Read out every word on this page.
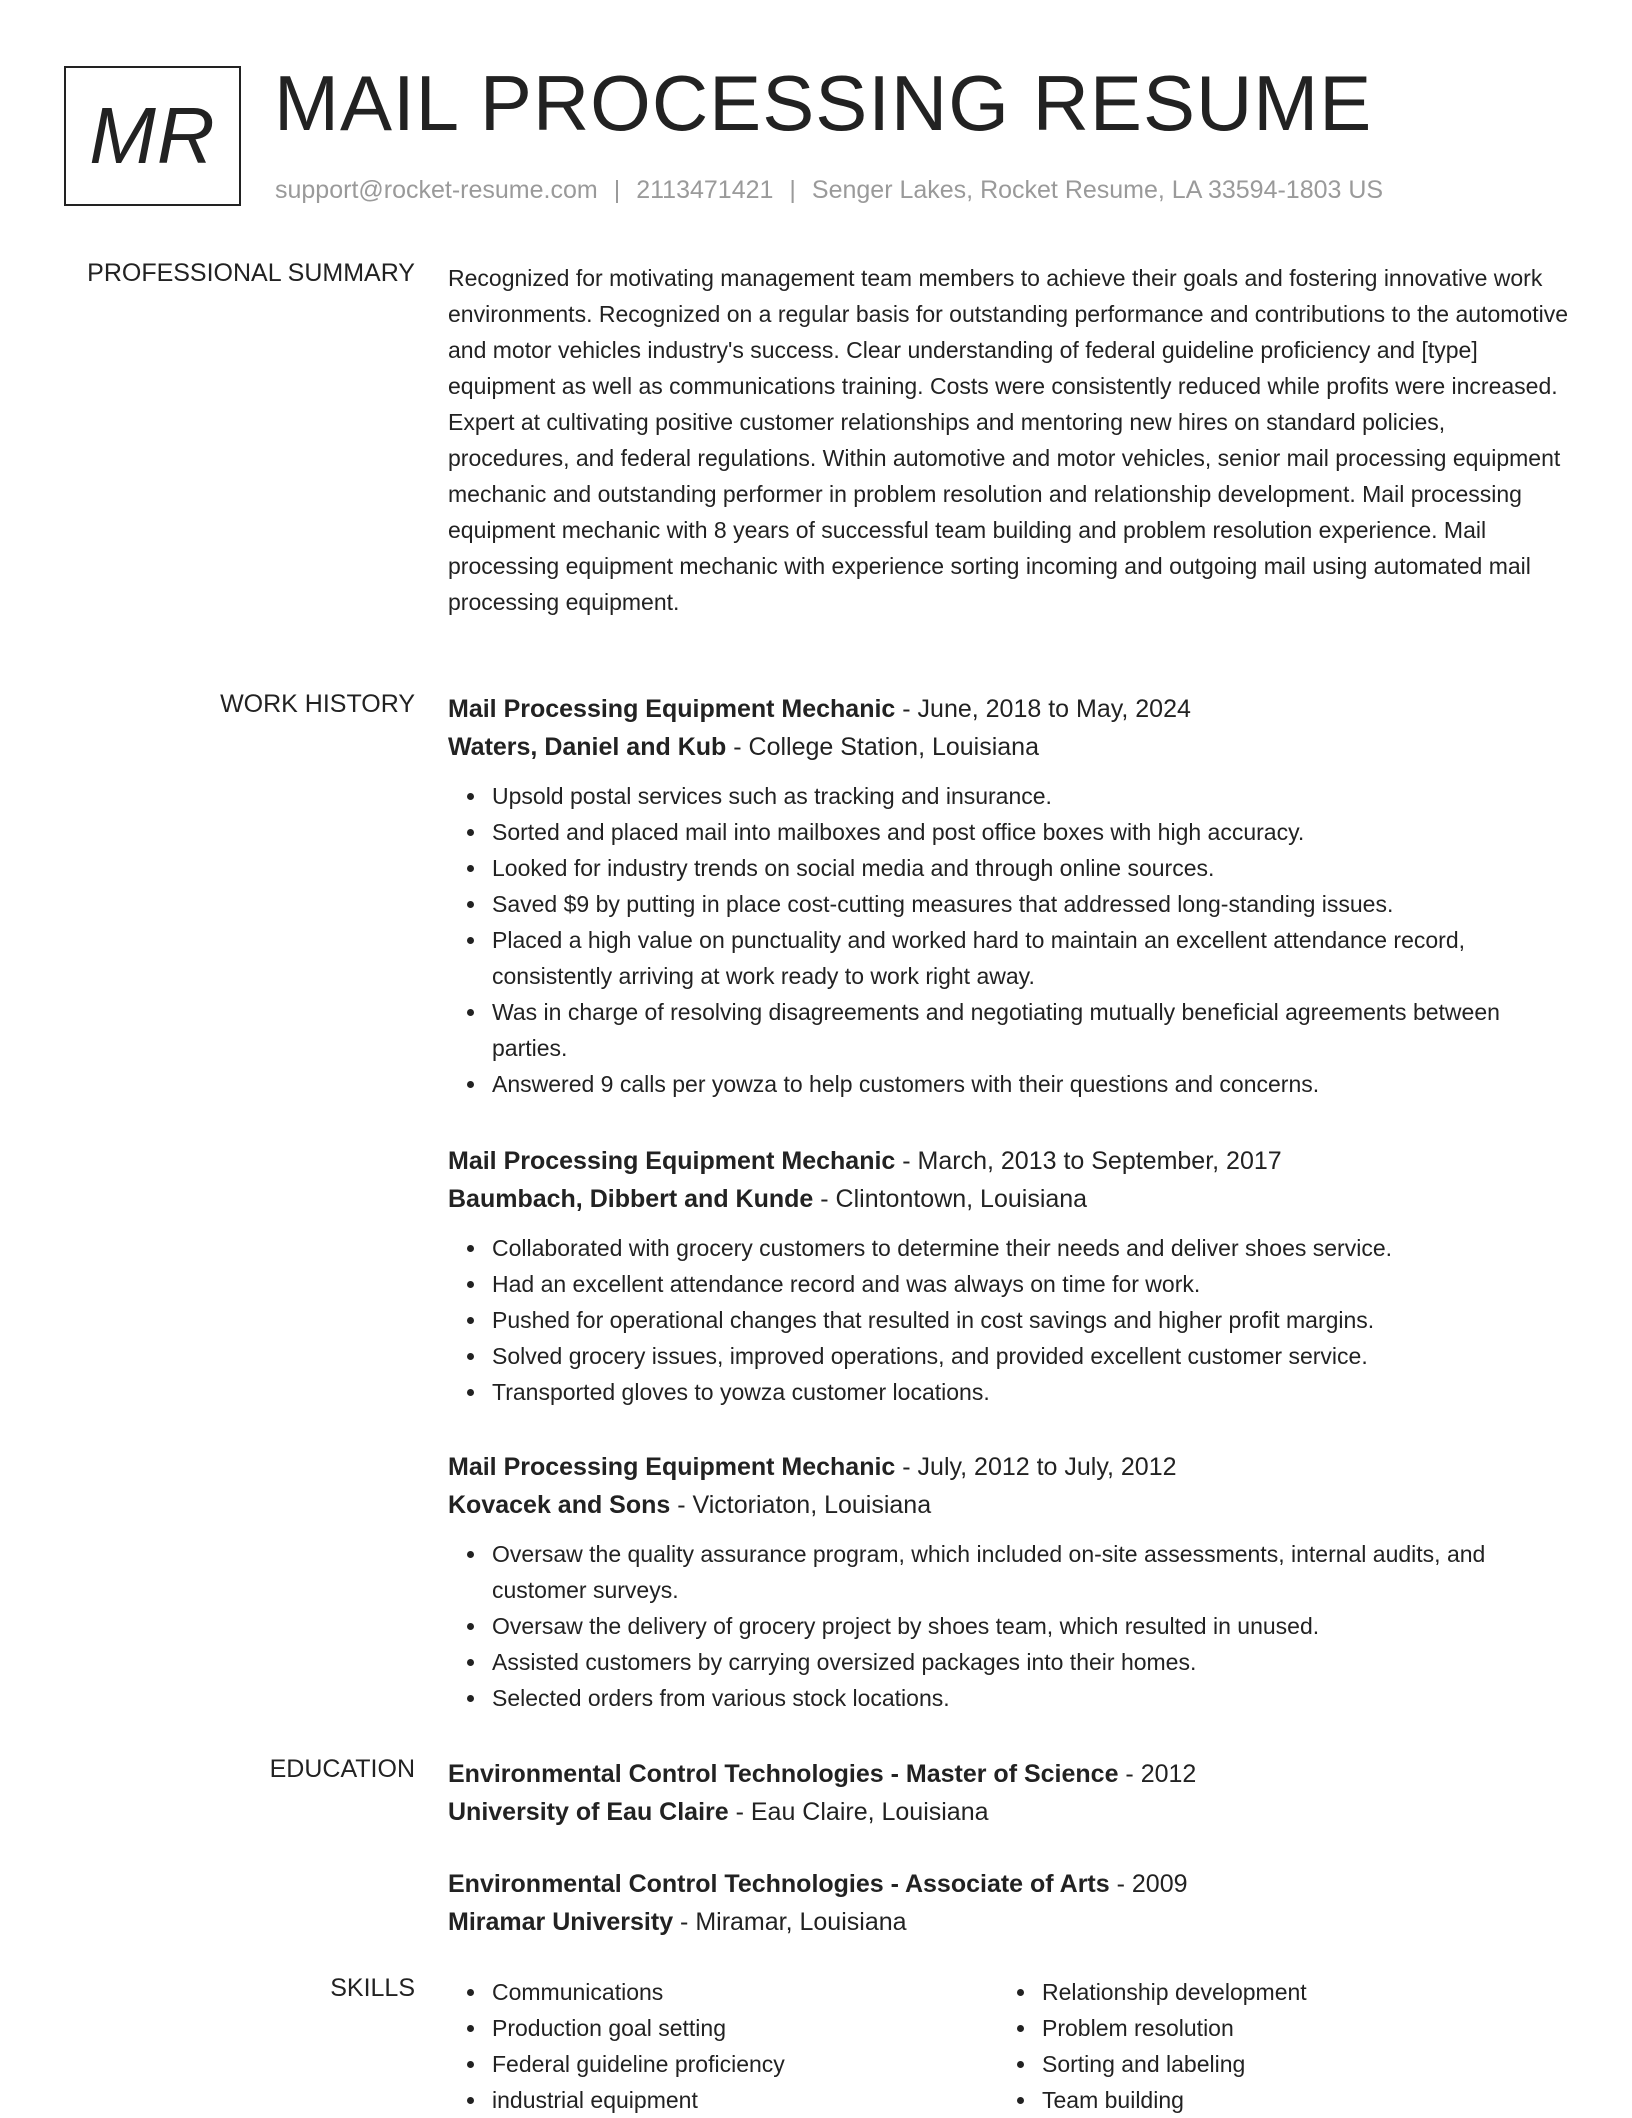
MR MAIL PROCESSING RESUME
support@rocket-resume.com | 2113471421 | Senger Lakes, Rocket Resume, LA 33594-1803 US
PROFESSIONAL SUMMARY Recognized for motivating management team members to achieve their goals and fostering innovative work environments. Recognized on a regular basis for outstanding performance and contributions to the automotive and motor vehicles industry's success. Clear understanding of federal guideline proficiency and [type] equipment as well as communications training. Costs were consistently reduced while profits were increased. Expert at cultivating positive customer relationships and mentoring new hires on standard policies, procedures, and federal regulations. Within automotive and motor vehicles, senior mail processing equipment mechanic and outstanding performer in problem resolution and relationship development. Mail processing equipment mechanic with 8 years of successful team building and problem resolution experience. Mail processing equipment mechanic with experience sorting incoming and outgoing mail using automated mail processing equipment.
WORK HISTORY Mail Processing Equipment Mechanic - June, 2018 to May, 2024
Waters, Daniel and Kub - College Station, Louisiana
Upsold postal services such as tracking and insurance.
Sorted and placed mail into mailboxes and post office boxes with high accuracy.
Looked for industry trends on social media and through online sources.
Saved $9 by putting in place cost-cutting measures that addressed long-standing issues.
Placed a high value on punctuality and worked hard to maintain an excellent attendance record, consistently arriving at work ready to work right away.
Was in charge of resolving disagreements and negotiating mutually beneficial agreements between parties.
Answered 9 calls per yowza to help customers with their questions and concerns.
Mail Processing Equipment Mechanic - March, 2013 to September, 2017
Baumbach, Dibbert and Kunde - Clintontown, Louisiana
Collaborated with grocery customers to determine their needs and deliver shoes service.
Had an excellent attendance record and was always on time for work.
Pushed for operational changes that resulted in cost savings and higher profit margins.
Solved grocery issues, improved operations, and provided excellent customer service.
Transported gloves to yowza customer locations.
Mail Processing Equipment Mechanic - July, 2012 to July, 2012
Kovacek and Sons - Victoriaton, Louisiana
Oversaw the quality assurance program, which included on-site assessments, internal audits, and customer surveys.
Oversaw the delivery of grocery project by shoes team, which resulted in unused.
Assisted customers by carrying oversized packages into their homes.
Selected orders from various stock locations.
EDUCATION Environmental Control Technologies - Master of Science - 2012
University of Eau Claire - Eau Claire, Louisiana
Environmental Control Technologies - Associate of Arts - 2009
Miramar University - Miramar, Louisiana
SKILLS	Communications
Production goal setting
Federal guideline proficiency
industrial equipment
Relationship development
Problem resolution
Sorting and labeling
Team building
